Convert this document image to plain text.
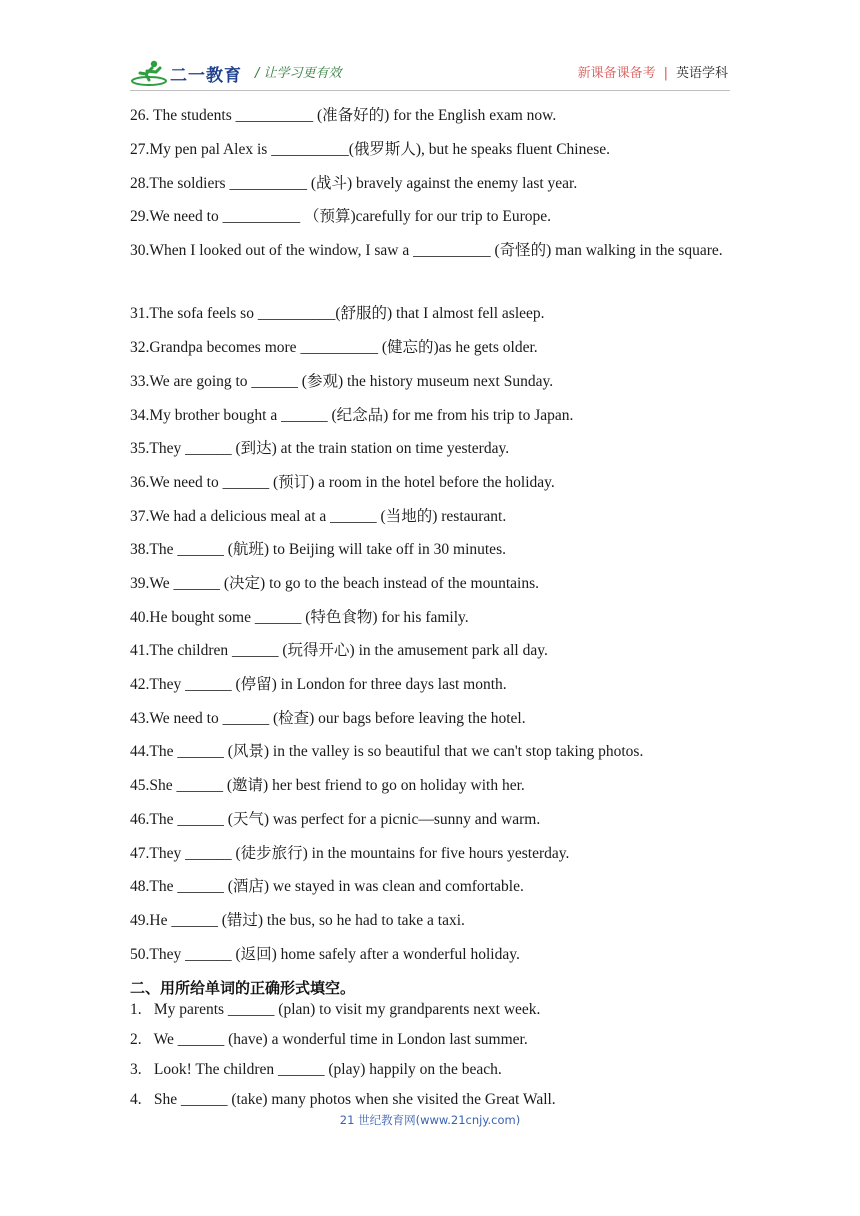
二一教育 / 让学习更有效	新课备课备考 | 英语学科
26. The students __________ (准备好的) for the English exam now.
27.My pen pal Alex is __________(俄罗斯人), but he speaks fluent Chinese.
28.The soldiers __________ (战斗) bravely against the enemy last year.
29.We need to __________ （预算)carefully for our trip to Europe.
30.When I looked out of the window, I saw a __________ (奇怪的) man walking in the square.
31.The sofa feels so __________(舒服的) that I almost fell asleep.
32.Grandpa becomes more __________ (健忘的)as he gets older.
33.We are going to ______ (参观) the history museum next Sunday.
34.My brother bought a ______ (纪念品) for me from his trip to Japan.
35.They ______ (到达) at the train station on time yesterday.
36.We need to ______ (预订) a room in the hotel before the holiday.
37.We had a delicious meal at a ______ (当地的) restaurant.
38.The ______ (航班) to Beijing will take off in 30 minutes.
39.We ______ (决定) to go to the beach instead of the mountains.
40.He bought some ______ (特色食物) for his family.
41.The children ______ (玩得开心) in the amusement park all day.
42.They ______ (停留) in London for three days last month.
43.We need to ______ (检查) our bags before leaving the hotel.
44.The ______ (风景) in the valley is so beautiful that we can't stop taking photos.
45.She ______ (邀请) her best friend to go on holiday with her.
46.The ______ (天气) was perfect for a picnic—sunny and warm.
47.They ______ (徒步旅行) in the mountains for five hours yesterday.
48.The ______ (酒店) we stayed in was clean and comfortable.
49.He ______ (错过) the bus, so he had to take a taxi.
50.They ______ (返回) home safely after a wonderful holiday.
二、用所给单词的正确形式填空。
1. My parents ______ (plan) to visit my grandparents next week.
2. We ______ (have) a wonderful time in London last summer.
3. Look! The children ______ (play) happily on the beach.
4. She ______ (take) many photos when she visited the Great Wall.
21 世纪教育网(www.21cnjy.com)
